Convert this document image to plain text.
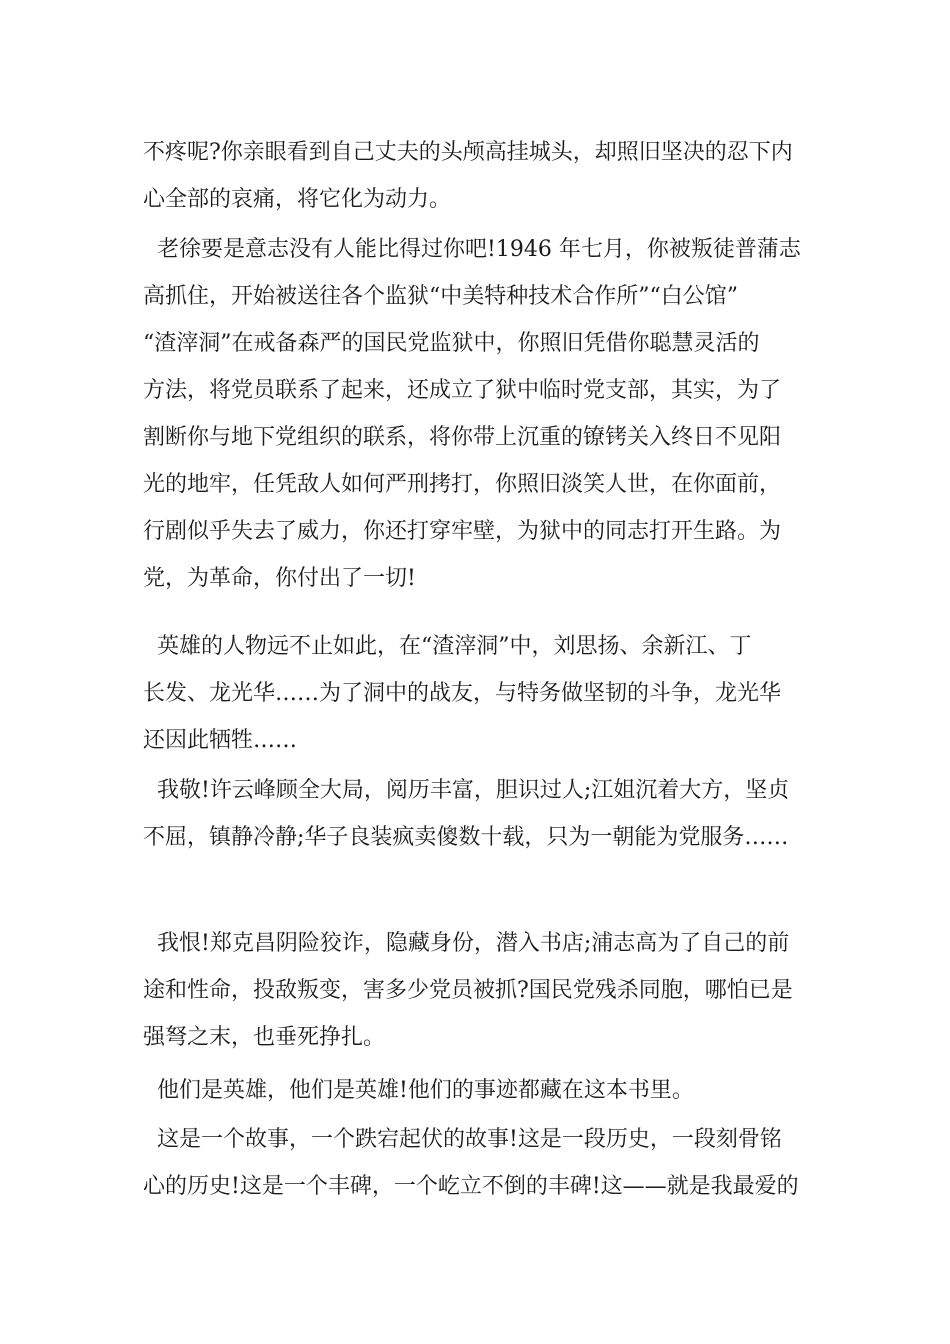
不疼呢?你亲眼看到自己丈夫的头颅高挂城头，却照旧坚决的忍下内
心全部的哀痛，将它化为动力。
老徐要是意志没有人能比得过你吧!1946 年七月，你被叛徒普蒲志
高抓住，开始被送往各个监狱“中美特种技术合作所”“白公馆”
“渣滓洞”在戒备森严的国民党监狱中，你照旧凭借你聪慧灵活的
方法，将党员联系了起来，还成立了狱中临时党支部，其实，为了
割断你与地下党组织的联系，将你带上沉重的镣铐关入终日不见阳
光的地牢，任凭敌人如何严刑拷打，你照旧淡笑人世，在你面前，
行剧似乎失去了威力，你还打穿牢壁，为狱中的同志打开生路。为
党，为革命，你付出了一切!
英雄的人物远不止如此，在“渣滓洞”中，刘思扬、余新江、丁
长发、龙光华……为了洞中的战友，与特务做坚韧的斗争，龙光华
还因此牺牲……
我敬!许云峰顾全大局，阅历丰富，胆识过人;江姐沉着大方，坚贞
不屈，镇静冷静;华子良装疯卖傻数十载，只为一朝能为党服务……
我恨!郑克昌阴险狡诈，隐藏身份，潜入书店;浦志高为了自己的前
途和性命，投敌叛变，害多少党员被抓?国民党残杀同胞，哪怕已是
强弩之末，也垂死挣扎。
他们是英雄，他们是英雄!他们的事迹都藏在这本书里。
这是一个故事，一个跌宕起伏的故事!这是一段历史，一段刻骨铭
心的历史!这是一个丰碑，一个屹立不倒的丰碑!这——就是我最爱的
